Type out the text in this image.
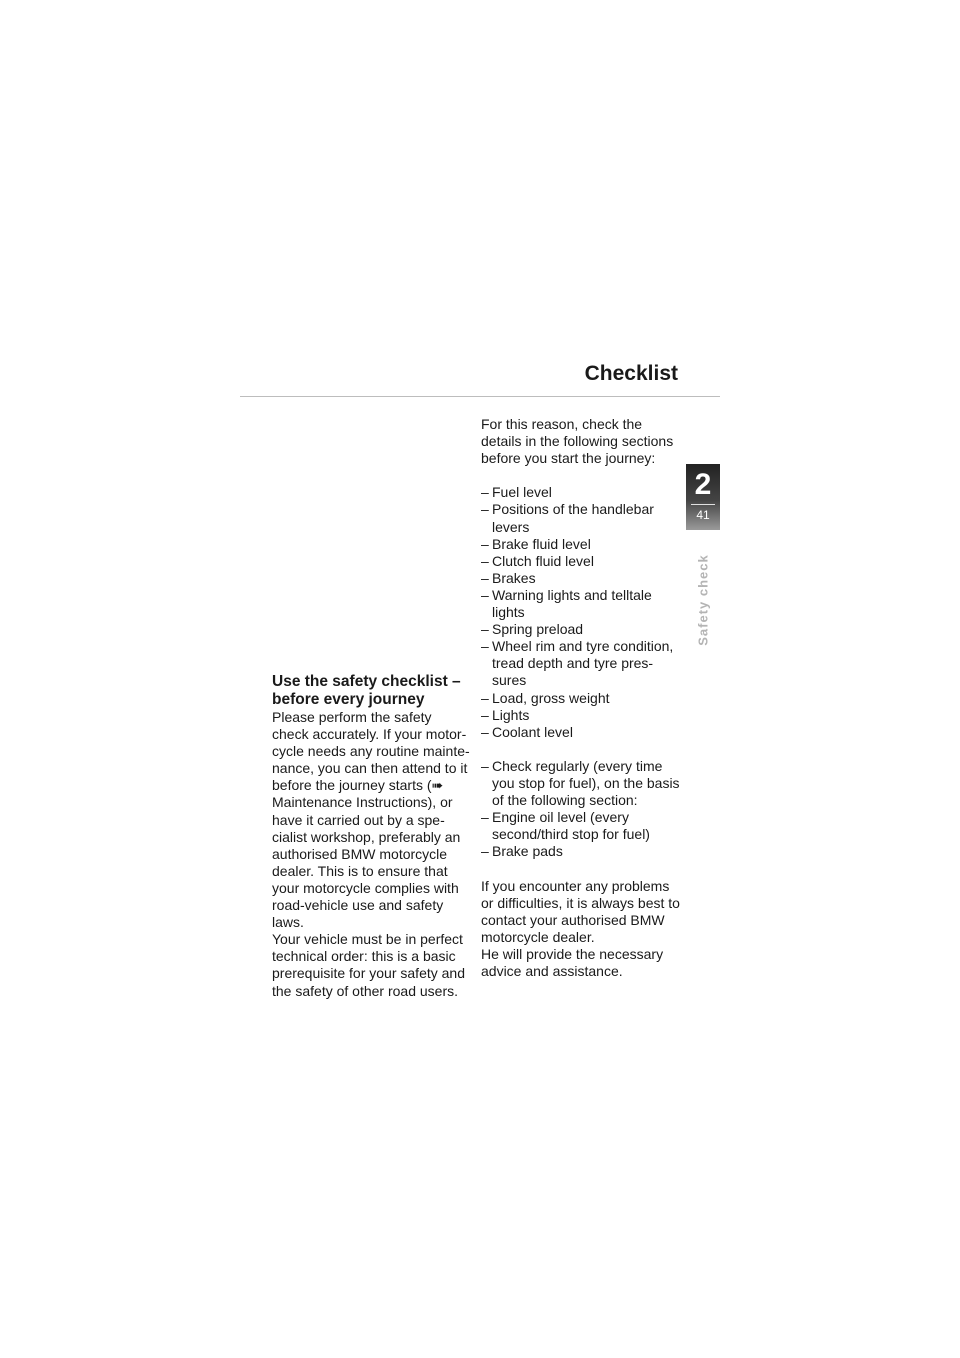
Checklist
2
41
Safety check
Use the safety checklist –
before every journey

Please perform the safety check accurately. If your motor-cycle needs any routine mainte-nance, you can then attend to it before the journey starts (➠ Maintenance Instructions), or have it carried out by a spe-cialist workshop, preferably an authorised BMW motorcycle dealer. This is to ensure that your motorcycle complies with road-vehicle use and safety laws.

Your vehicle must be in perfect technical order: this is a basic prerequisite for your safety and the safety of other road users.

For this reason, check the details in the following sections before you start the journey:

– Fuel level
– Positions of the handlebar levers
– Brake fluid level
– Clutch fluid level
– Brakes
– Warning lights and telltale lights
– Spring preload
– Wheel rim and tyre condition, tread depth and tyre pres-sures
– Load, gross weight
– Lights
– Coolant level
– Check regularly (every time you stop for fuel), on the basis of the following section:
– Engine oil level (every second/third stop for fuel)
– Brake pads

If you encounter any problems or difficulties, it is always best to contact your authorised BMW motorcycle dealer.

He will provide the necessary advice and assistance.
